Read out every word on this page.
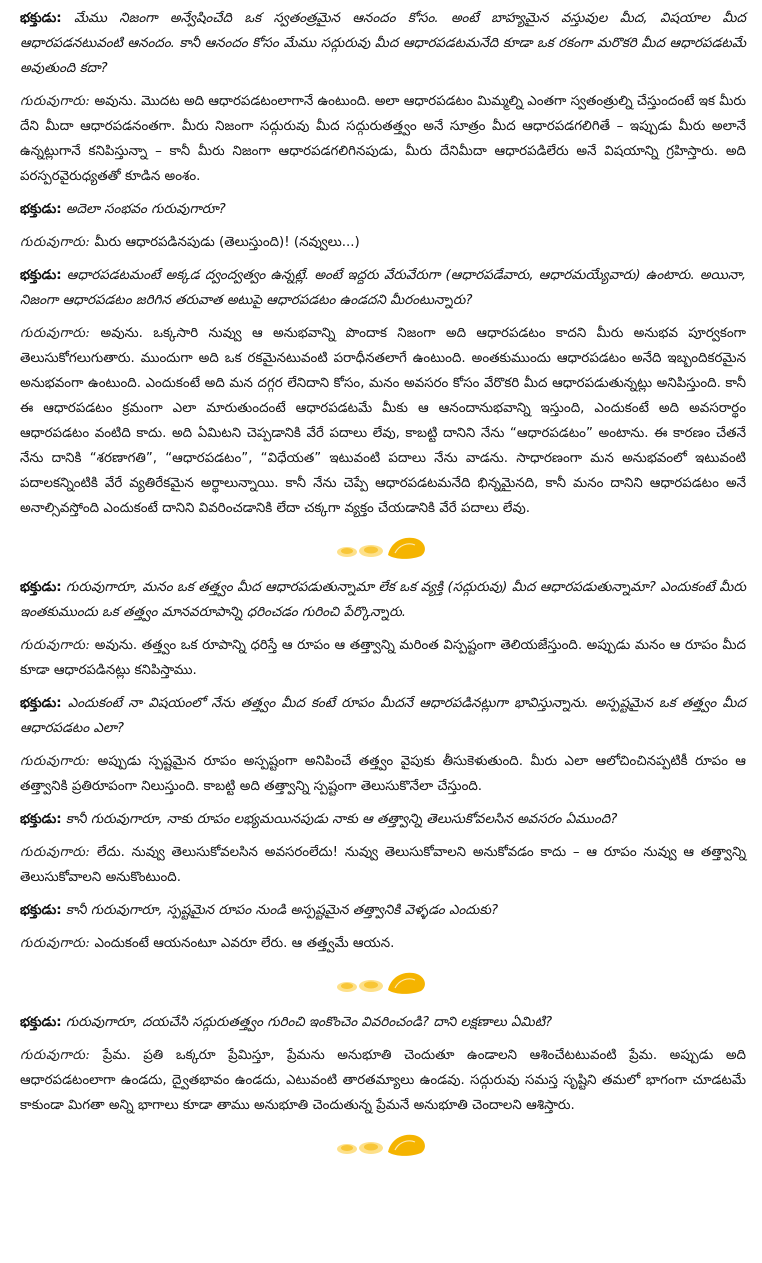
భక్తుడు: మేము నిజంగా అన్వేషించేది ఒక స్వతంత్రమైన ఆనందం కోసం. అంటే బాహ్యమైన వస్తువుల మీద, విషయాల మీద ఆధారపడనటువంటి ఆనందం. కానీ ఆనందం కోసం మేము సద్గురువు మీద ఆధారపడటమనేది కూడా ఒక రకంగా మరొకరి మీద ఆధారపడటమే అవుతుంది కదా?

గురువుగారు: అవును. మొదట అది ఆధారపడటంలాగానే ఉంటుంది. అలా ఆధారపడటం మిమ్మల్ని ఎంతగా స్వతంత్రుల్ని చేస్తుందంటే ఇక మీరు దేని మీదా ఆధారపడనంతగా. మీరు నిజంగా సద్గురువు మీద సద్గురుతత్త్వం అనే సూత్రం మీద ఆధారపడగలిగితే – ఇప్పుడు మీరు అలానే ఉన్నట్లుగానే కనిపిస్తున్నా – కానీ మీరు నిజంగా ఆధారపడగలిగినపుడు, మీరు దేనిమీదా ఆధారపడిలేరు అనే విషయాన్ని గ్రహిస్తారు. అది పరస్పరవైరుధ్యతతో కూడిన అంశం.

భక్తుడు: అదెలా సంభవం గురువుగారూ?

గురువుగారు: మీరు ఆధారపడినపుడు (తెలుస్తుంది)! (నవ్వులు...)

భక్తుడు: ఆధారపడటమంటే అక్కడ ద్వంద్వత్వం ఉన్నట్లే. అంటే ఇద్దరు వేరువేరుగా (ఆధారపడేవారు, ఆధారమయ్యేవారు) ఉంటారు. అయినా, నిజంగా ఆధారపడటం జరిగిన తరువాత అటుపై ఆధారపడటం ఉండదని మీరంటున్నారు?

గురువుగారు: అవును. ఒక్కసారి నువ్వు ఆ అనుభవాన్ని పొందాక నిజంగా అది ఆధారపడటం కాదని మీరు అనుభవ పూర్వకంగా తెలుసుకోగలుగుతారు. ముందుగా అది ఒక రకమైనటువంటి పరాధీనతలాగే ఉంటుంది. అంతకుముందు ఆధారపడటం అనేది ఇబ్బందికరమైన అనుభవంగా ఉంటుంది. ఎందుకంటే అది మన దగ్గర లేనిదాని కోసం, మనం అవసరం కోసం వేరొకరి మీద ఆధారపడుతున్నట్లు అనిపిస్తుంది. కానీ ఈ ఆధారపడటం క్రమంగా ఎలా మారుతుందంటే ఆధారపడటమే మీకు ఆ ఆనందానుభవాన్ని ఇస్తుంది, ఎందుకంటే అది అవసరార్థం ఆధారపడటం వంటిది కాదు. అది ఏమిటని చెప్పడానికి వేరే పదాలు లేవు, కాబట్టి దానిని నేను “ఆధారపడటం” అంటాను. ఈ కారణం చేతనే నేను దానికి “శరణాగతి”, “ఆధారపడటం”, “విధేయత” ఇటువంటి పదాలు నేను వాడను. సాధారణంగా మన అనుభవంలో ఇటువంటి పదాలకన్నింటికి వేరే వ్యతిరేకమైన అర్థాలున్నాయి. కానీ నేను చెప్పే ఆధారపడటమనేది భిన్నమైనది, కానీ మనం దానిని ఆధారపడటం అనే అనాల్సివస్తోంది ఎందుకంటే దానిని వివరించడానికి లేదా చక్కగా వ్యక్తం చేయడానికి వేరే పదాలు లేవు.

భక్తుడు: గురువుగారూ, మనం ఒక తత్త్వం మీద ఆధారపడుతున్నామా లేక ఒక వ్యక్తి (సద్గురువు) మీద ఆధారపడుతున్నామా? ఎందుకంటే మీరు ఇంతకుముందు ఒక తత్త్వం మానవరూపాన్ని ధరించడం గురించి పేర్కొన్నారు.

గురువుగారు: అవును. తత్త్వం ఒక రూపాన్ని ధరిస్తే ఆ రూపం ఆ తత్త్వాన్ని మరింత విస్పష్టంగా తెలియజేస్తుంది. అప్పుడు మనం ఆ రూపం మీద కూడా ఆధారపడినట్లు కనిపిస్తాము.

భక్తుడు: ఎందుకంటే నా విషయంలో నేను తత్త్వం మీద కంటే రూపం మీదనే ఆధారపడినట్లుగా భావిస్తున్నాను. అస్పష్టమైన ఒక తత్త్వం మీద ఆధారపడటం ఎలా?

గురువుగారు: అప్పుడు స్పష్టమైన రూపం అస్పష్టంగా అనిపించే తత్త్వం వైపుకు తీసుకెళుతుంది. మీరు ఎలా ఆలోచించినప్పటికీ రూపం ఆ తత్త్వానికి ప్రతిరూపంగా నిలుస్తుంది. కాబట్టి అది తత్త్వాన్ని స్పష్టంగా తెలుసుకొనేలా చేస్తుంది.

భక్తుడు: కానీ గురువుగారూ, నాకు రూపం లభ్యమయినపుడు నాకు ఆ తత్త్వాన్ని తెలుసుకోవలసిన అవసరం ఏముంది?

గురువుగారు: లేదు. నువ్వు తెలుసుకోవలసిన అవసరంలేదు! నువ్వు తెలుసుకోవాలని అనుకోవడం కాదు – ఆ రూపం నువ్వు ఆ తత్త్వాన్ని తెలుసుకోవాలని అనుకొంటుంది.

భక్తుడు: కానీ గురువుగారూ, స్పష్టమైన రూపం నుండి అస్పష్టమైన తత్త్వానికి వెళ్ళడం ఎందుకు?

గురువుగారు: ఎందుకంటే ఆయనంటూ ఎవరూ లేరు. ఆ తత్త్వమే ఆయన.

భక్తుడు: గురువుగారూ, దయచేసి సద్గురుతత్త్వం గురించి ఇంకొంచెం వివరించండి? దాని లక్షణాలు ఏమిటి?

గురువుగారు: ప్రేమ. ప్రతి ఒక్కరూ ప్రేమిస్తూ, ప్రేమను అనుభూతి చెందుతూ ఉండాలని ఆశించేటటువంటి ప్రేమ. అప్పుడు అది ఆధారపడటంలాగా ఉండదు, ద్వైతభావం ఉండదు, ఎటువంటి తారతమ్యాలు ఉండవు. సద్గురువు సమస్త సృష్టిని తమలో భాగంగా చూడటమే కాకుండా మిగతా అన్ని భాగాలు కూడా తాము అనుభూతి చెందుతున్న ప్రేమనే అనుభూతి చెందాలని ఆశిస్తారు.
